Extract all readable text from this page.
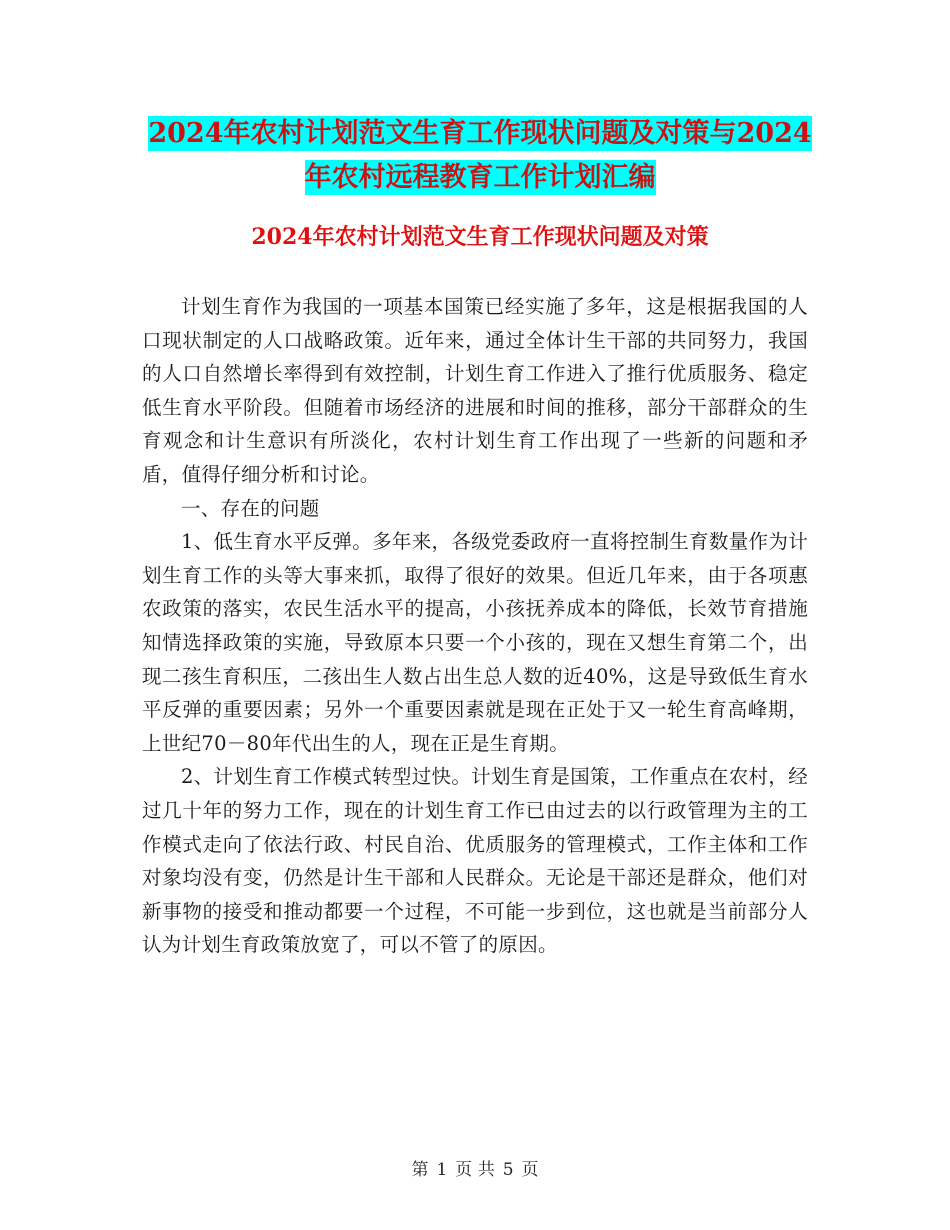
2024年农村计划范文生育工作现状问题及对策与2024
年农村远程教育工作计划汇编
2024年农村计划范文生育工作现状问题及对策

计划生育作为我国的一项基本国策已经实施了多年，这是根据我国的人口现状制定的人口战略政策。近年来，通过全体计生干部的共同努力，我国的人口自然增长率得到有效控制，计划生育工作进入了推行优质服务、稳定低生育水平阶段。但随着市场经济的进展和时间的推移，部分干部群众的生育观念和计生意识有所淡化，农村计划生育工作出现了一些新的问题和矛盾，值得仔细分析和讨论。

一、存在的问题

1、低生育水平反弹。多年来，各级党委政府一直将控制生育数量作为计划生育工作的头等大事来抓，取得了很好的效果。但近几年来，由于各项惠农政策的落实，农民生活水平的提高，小孩抚养成本的降低，长效节育措施知情选择政策的实施，导致原本只要一个小孩的，现在又想生育第二个，出现二孩生育积压，二孩出生人数占出生总人数的近40%，这是导致低生育水平反弹的重要因素；另外一个重要因素就是现在正处于又一轮生育高峰期，上世纪70－80年代出生的人，现在正是生育期。

2、计划生育工作模式转型过快。计划生育是国策，工作重点在农村，经过几十年的努力工作，现在的计划生育工作已由过去的以行政管理为主的工作模式走向了依法行政、村民自治、优质服务的管理模式，工作主体和工作对象均没有变，仍然是计生干部和人民群众。无论是干部还是群众，他们对新事物的接受和推动都要一个过程，不可能一步到位，这也就是当前部分人认为计划生育政策放宽了，可以不管了的原因。

第 1 页 共 5 页
